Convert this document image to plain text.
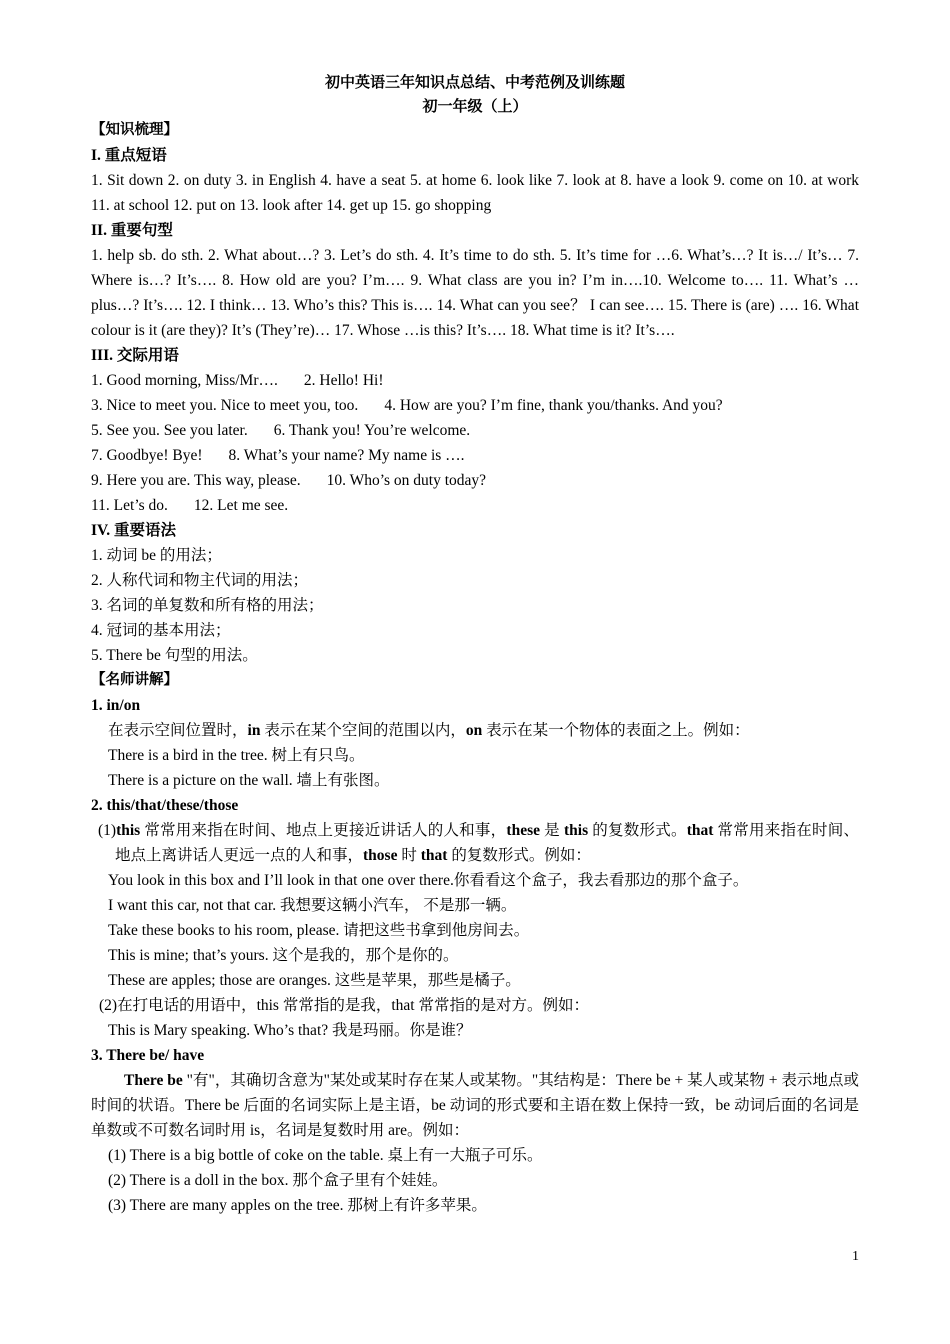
初中英语三年知识点总结、中考范例及训练题
初一年级（上）
【知识梳理】
I. 重点短语
1. Sit down 2. on duty 3. in English 4. have a seat 5. at home 6. look like 7. look at 8. have a look 9. come on 10. at work 11. at school 12. put on 13. look after 14. get up 15. go shopping
II. 重要句型
1. help sb. do sth. 2. What about…? 3. Let’s do sth. 4. It’s time to do sth. 5. It’s time for …6. What’s…? It is…/ It’s… 7. Where is…? It’s…. 8. How old are you? I’m…. 9. What class are you in? I’m in….10. Welcome to…. 11. What’s …plus…? It’s…. 12. I think… 13. Who’s this? This is…. 14. What can you see？ I can see…. 15. There is (are) …. 16. What colour is it (are they)? It’s (They’re)… 17. Whose …is this? It’s…. 18. What time is it? It’s….
III. 交际用语
1. Good morning, Miss/Mr…. 2. Hello! Hi!
3. Nice to meet you. Nice to meet you, too. 4. How are you? I’m fine, thank you/thanks. And you?
5. See you. See you later. 6. Thank you! You’re welcome.
7. Goodbye! Bye! 8. What’s your name? My name is ….
9. Here you are. This way, please. 10. Who’s on duty today?
11. Let’s do. 12. Let me see.
IV. 重要语法
1. 动词 be 的用法；
2. 人称代词和物主代词的用法；
3. 名词的单复数和所有格的用法；
4. 冠词的基本用法；
5. There be 句型的用法。
【名师讲解】
1. in/on
在表示空间位置时，in 表示在某个空间的范围以内，on 表示在某一个物体的表面之上。例如：
There is a bird in the tree. 树上有只鸟。
There is a picture on the wall. 墙上有张图。
2. this/that/these/those
(1)this 常常用来指在时间、地点上更接近讲话人的人和事，these 是 this 的复数形式。that 常常用来指在时间、地点上离讲话人更远一点的人和事，those 时 that 的复数形式。例如：
You look in this box and I’ll look in that one over there.你看看这个盒子，我去看那边的那个盒子。
I want this car, not that car. 我想要这辆小汽车， 不是那一辆。
Take these books to his room, please. 请把这些书拿到他房间去。
This is mine; that’s yours. 这个是我的，那个是你的。
These are apples; those are oranges. 这些是苹果，那些是橘子。
(2)在打电话的用语中，this 常常指的是我，that 常常指的是对方。例如：
This is Mary speaking. Who’s that? 我是玛丽。你是谁？
3. There be/ have
There be "有"，其确切含意为"某处或某时存在某人或某物。"其结构是：There be + 某人或某物 + 表示地点或时间的状语。There be 后面的名词实际上是主语，be 动词的形式要和主语在数上保持一致，be 动词后面的名词是单数或不可数名词时用 is，名词是复数时用 are。例如：
(1) There is a big bottle of coke on the table. 桌上有一大瓶子可乐。
(2) There is a doll in the box. 那个盒子里有个娃娃。
(3) There are many apples on the tree. 那树上有许多苹果。
1
